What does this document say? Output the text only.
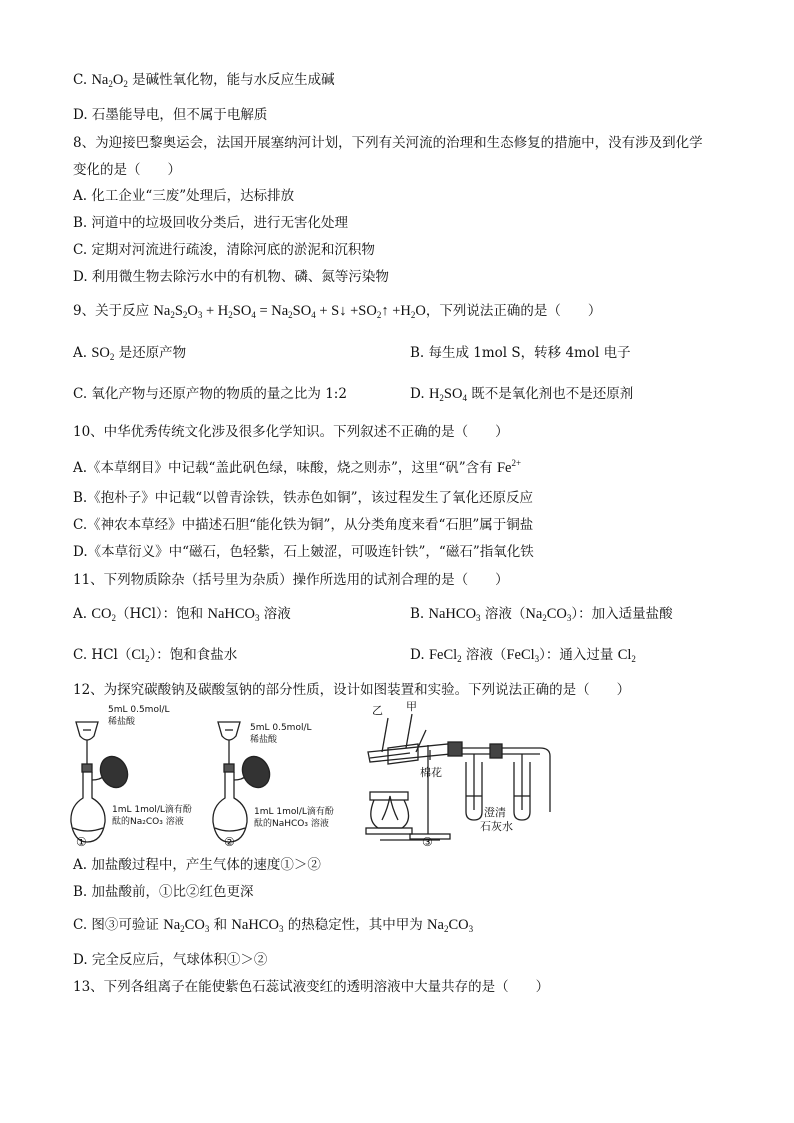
C. $Na_2O_2$ 是碱性氧化物，能与水反应生成碱
D. 石墨能导电，但不属于电解质
8、为迎接巴黎奥运会，法国开展塞纳河计划，下列有关河流的治理和生态修复的措施中，没有涉及到化学
变化的是（　　）
A. 化工企业“三废”处理后，达标排放
B. 河道中的垃圾回收分类后，进行无害化处理
C. 定期对河流进行疏浚，清除河底的淤泥和沉积物
D. 利用微生物去除污水中的有机物、磷、氮等污染物
9、关于反应 $Na_2S_2O_3 + H_2SO_4 = Na_2SO_4$ + S↓ $+SO_2↑ +H_2O$，下列说法正确的是（　　）
A. $SO_2$ 是还原产物	B. 每生成 1mol S，转移 4mol 电子
C. 氧化产物与还原产物的物质的量之比为 1:2	D. $H_2SO_4$ 既不是氧化剂也不是还原剂
10、中华优秀传统文化涉及很多化学知识。下列叙述不正确的是（　　）
A.《本草纲目》中记载“盖此矾色绿，味酸，烧之则赤”，这里“矾”含有 $Fe^{2+}$
B.《抱朴子》中记载“以曾青涂铁，铁赤色如铜”，该过程发生了氧化还原反应
C.《神农本草经》中描述石胆“能化铁为铜”，从分类角度来看“石胆”属于铜盐
D.《本草衍义》中“磁石，色轻紫，石上皴涩，可吸连针铁”，“磁石”指氧化铁
11、下列物质除杂（括号里为杂质）操作所选用的试剂合理的是（　　）
A. $CO_2(HCl)$：饱和 NaHCO$_3$ 溶液	B. NaHCO$_3$ 溶液$(Na_2CO_3)$：加入适量盐酸
C. $HCl(Cl_2)$：饱和食盐水	D. FeCl$_2$ 溶液（FeCl$_3$）：通入过量 $Cl_2$
12、为探究碳酸钠及碳酸氢钠的部分性质，设计如图装置和实验。下列说法正确的是（　　）
5mL 0.5mol/L
稀盐酸
1mL 1mol/L滴有酚
酞的Na₂CO₃ 溶液
5mL 0.5mol/L
稀盐酸
1mL 1mol/L滴有酚
酞的NaHCO₃ 溶液
乙 甲
棉花
澄清
石灰水
①	②	③
A. 加盐酸过程中，产生气体的速度①＞②
B. 加盐酸前，①比②红色更深
C. 图③可验证 $Na_2CO_3$ 和 NaHCO$_3$ 的热稳定性，其中甲为 $Na_2CO_3$
D. 完全反应后，气球体积①＞②
13、下列各组离子在能使紫色石蕊试液变红的透明溶液中大量共存的是（　　）
